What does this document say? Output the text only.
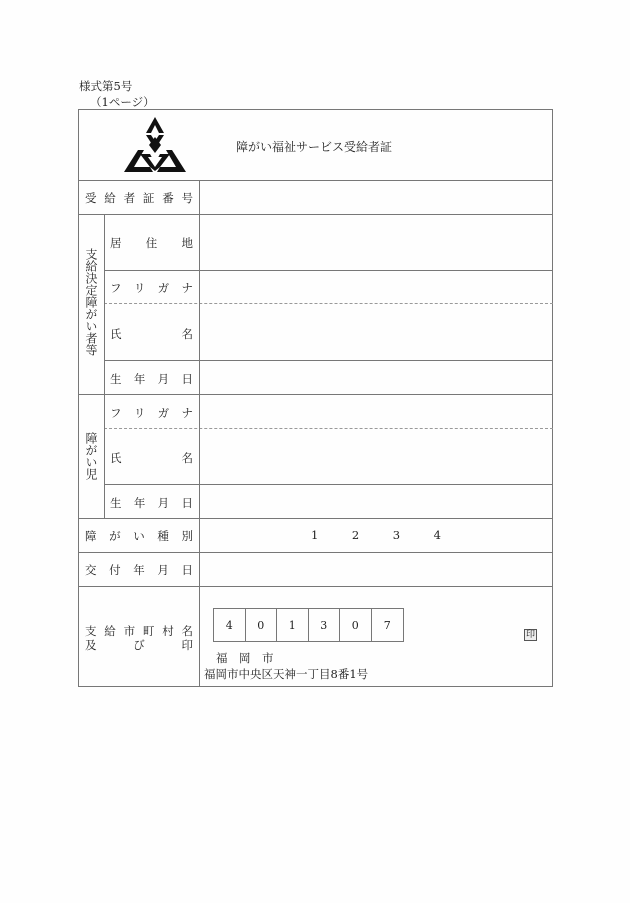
様式第5号
（1ページ）
障がい福祉サービス受給者証
受 給 者 証 番 号
支給決定障がい者等
居 住 地
フ リ ガ ナ
氏	名
生 年 月 日
障がい児
フ リ ガ ナ
氏	名
生 年 月 日
障 が い 種 別	1	2	3	4
交 付 年 月 日
支 給 市 町 村 名
及	び	印
4	0	1	3	0	7
福　岡　市
福岡市中央区天神一丁目8番1号
印
